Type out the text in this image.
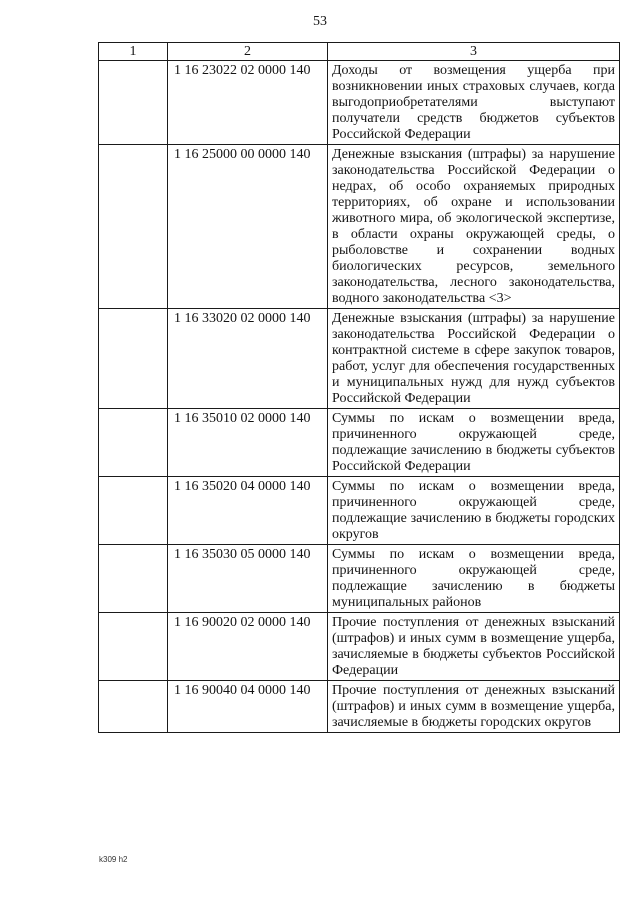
53
1	2	3
	1 16 23022 02 0000 140	Доходы от возмещения ущерба при возникновении иных страховых случаев, когда выгодоприобретателями выступают получатели средств бюджетов субъектов Российской Федерации
	1 16 25000 00 0000 140	Денежные взыскания (штрафы) за нарушение законодательства Российской Федерации о недрах, об особо охраняемых природных территориях, об охране и использовании животного мира, об экологической экспертизе, в области охраны окружающей среды, о рыболовстве и сохранении водных биологических ресурсов, земельного законодательства, лесного законодательства, водного законодательства <3>
	1 16 33020 02 0000 140	Денежные взыскания (штрафы) за нарушение законодательства Российской Федерации о контрактной системе в сфере закупок товаров, работ, услуг для обеспечения государственных и муниципальных нужд для нужд субъектов Российской Федерации
	1 16 35010 02 0000 140	Суммы по искам о возмещении вреда, причиненного окружающей среде, подлежащие зачислению в бюджеты субъектов Российской Федерации
	1 16 35020 04 0000 140	Суммы по искам о возмещении вреда, причиненного окружающей среде, подлежащие зачислению в бюджеты городских округов
	1 16 35030 05 0000 140	Суммы по искам о возмещении вреда, причиненного окружающей среде, подлежащие зачислению в бюджеты муниципальных районов
	1 16 90020 02 0000 140	Прочие поступления от денежных взысканий (штрафов) и иных сумм в возмещение ущерба, зачисляемые в бюджеты субъектов Российской Федерации
	1 16 90040 04 0000 140	Прочие поступления от денежных взысканий (штрафов) и иных сумм в возмещение ущерба, зачисляемые в бюджеты городских округов
k309 h2
